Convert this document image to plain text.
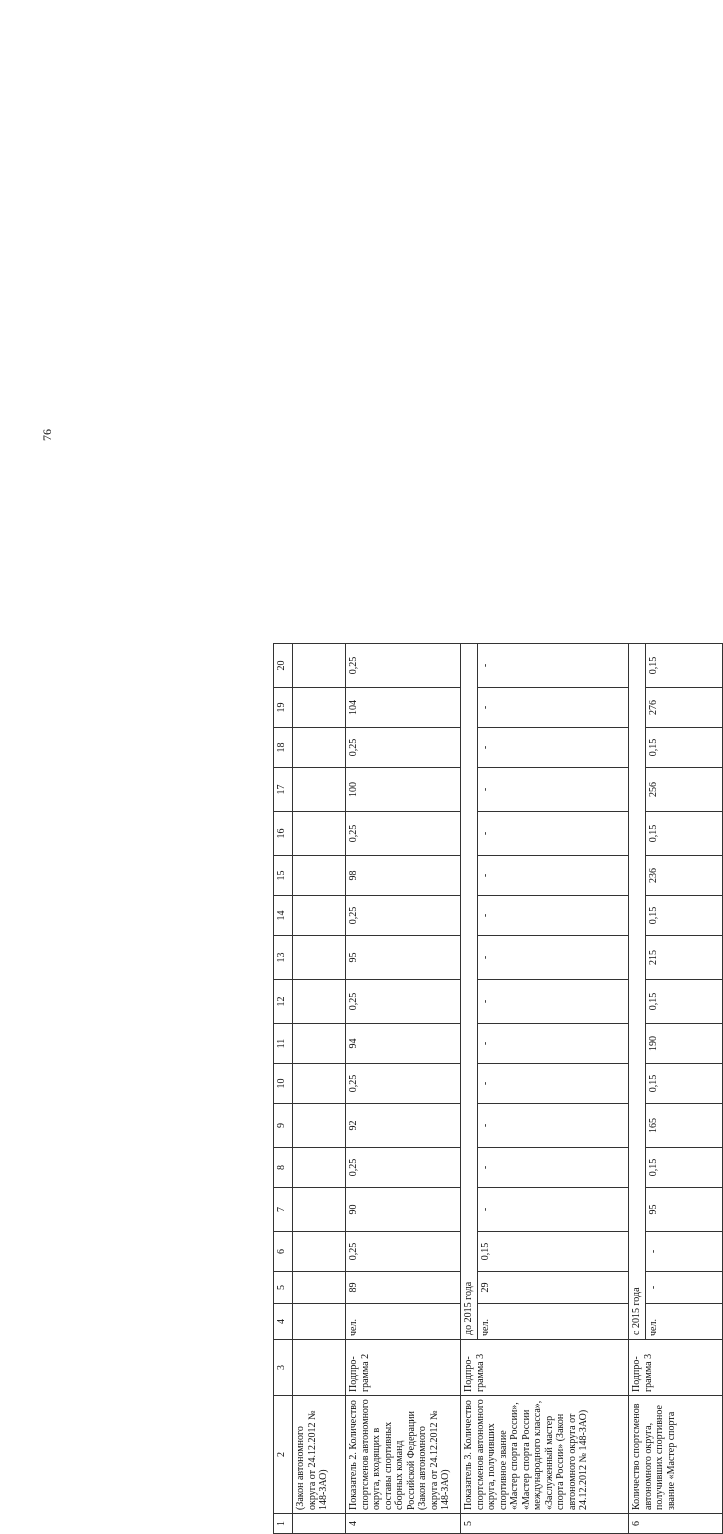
76
1	2	3	4	5	6	7	8	9	10	11	12	13	14	15	16	17	18	19	20
	(Закон автономного округа от 24.12.2012 № 148-ЗАО)																		
4	Показатель 2. Количество спортсменов автономного округа, входящих в составы спортивных сборных команд Российской Федерации (Закон автономного округа от 24.12.2012 № 148-ЗАО)	Подпро-грамма 2	чел.	89	0,25	90	0,25	92	0,25	94	0,25	95	0,25	98	0,25	100	0,25	104	0,25
5	Показатель 3. Количество спортсменов автономного округа, получивших спортивное звание «Мастер спорта России», «Мастер спорта России международного класса», «Заслуженный мастер спорта России» (Закон автономного округа от 24.12.2012 № 148-ЗАО)	Подпро-грамма 3	до 2015 года																
			чел.	29	0,15	-	-	-	-	-	-	-	-	-	-	-	-	-	-
6	Количество спортсменов автономного округа, получивших спортивное звание «Мастер спорта	Подпро-грамма 3	с 2015 года																
			чел.	-	-	95	0,15	165	0,15	190	0,15	215	0,15	236	0,15	256	0,15	276	0,15
